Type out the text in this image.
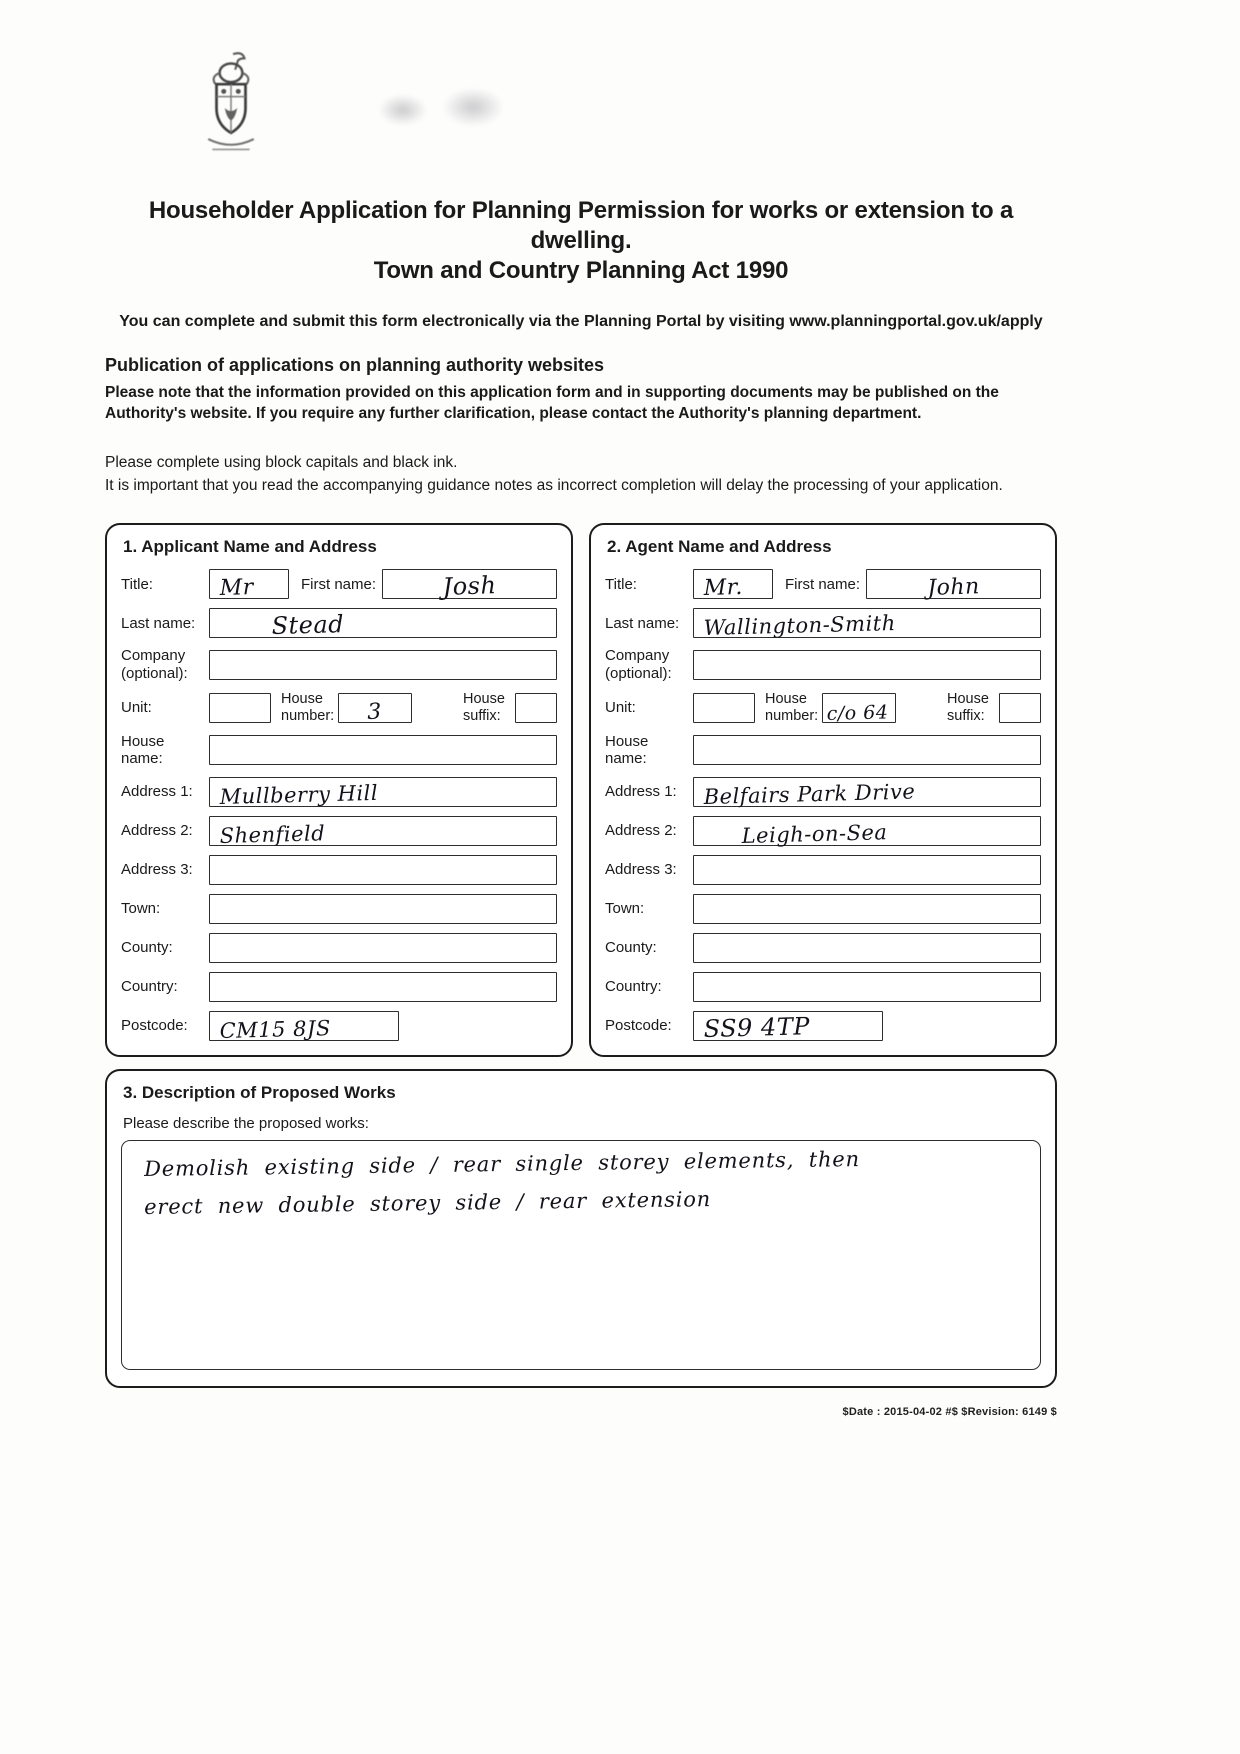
Householder Application for Planning Permission for works or extension to a dwelling.
Town and Country Planning Act 1990
You can complete and submit this form electronically via the Planning Portal by visiting www.planningportal.gov.uk/apply
Publication of applications on planning authority websites
Please note that the information provided on this application form and in supporting documents may be published on the Authority's website. If you require any further clarification, please contact the Authority's planning department.
Please complete using block capitals and black ink.
It is important that you read the accompanying guidance notes as incorrect completion will delay the processing of your application.
1. Applicant Name and Address
Title:	Mr	First name:	Josh
Last name:	Stead
Company (optional):
Unit:
House number: 3
House suffix:
House name:
Address 1:	Mullberry Hill
Address 2:	Shenfield
Address 3:
Town:
County:
Country:
Postcode:	CM15 8JS
2. Agent Name and Address
Title:	Mr.	First name:	John
Last name:	Wallington-Smith
Company (optional):
Unit:
House number: c/o 64
House suffix:
House name:
Address 1:	Belfairs Park Drive
Address 2:	Leigh-on-Sea
Address 3:
Town:
County:
Country:
Postcode:	SS9 4TP
3. Description of Proposed Works
Please describe the proposed works:
Demolish existing side / rear single storey elements, then
erect new double storey side / rear extension
$Date : 2015-04-02 #$ $Revision: 6149 $
